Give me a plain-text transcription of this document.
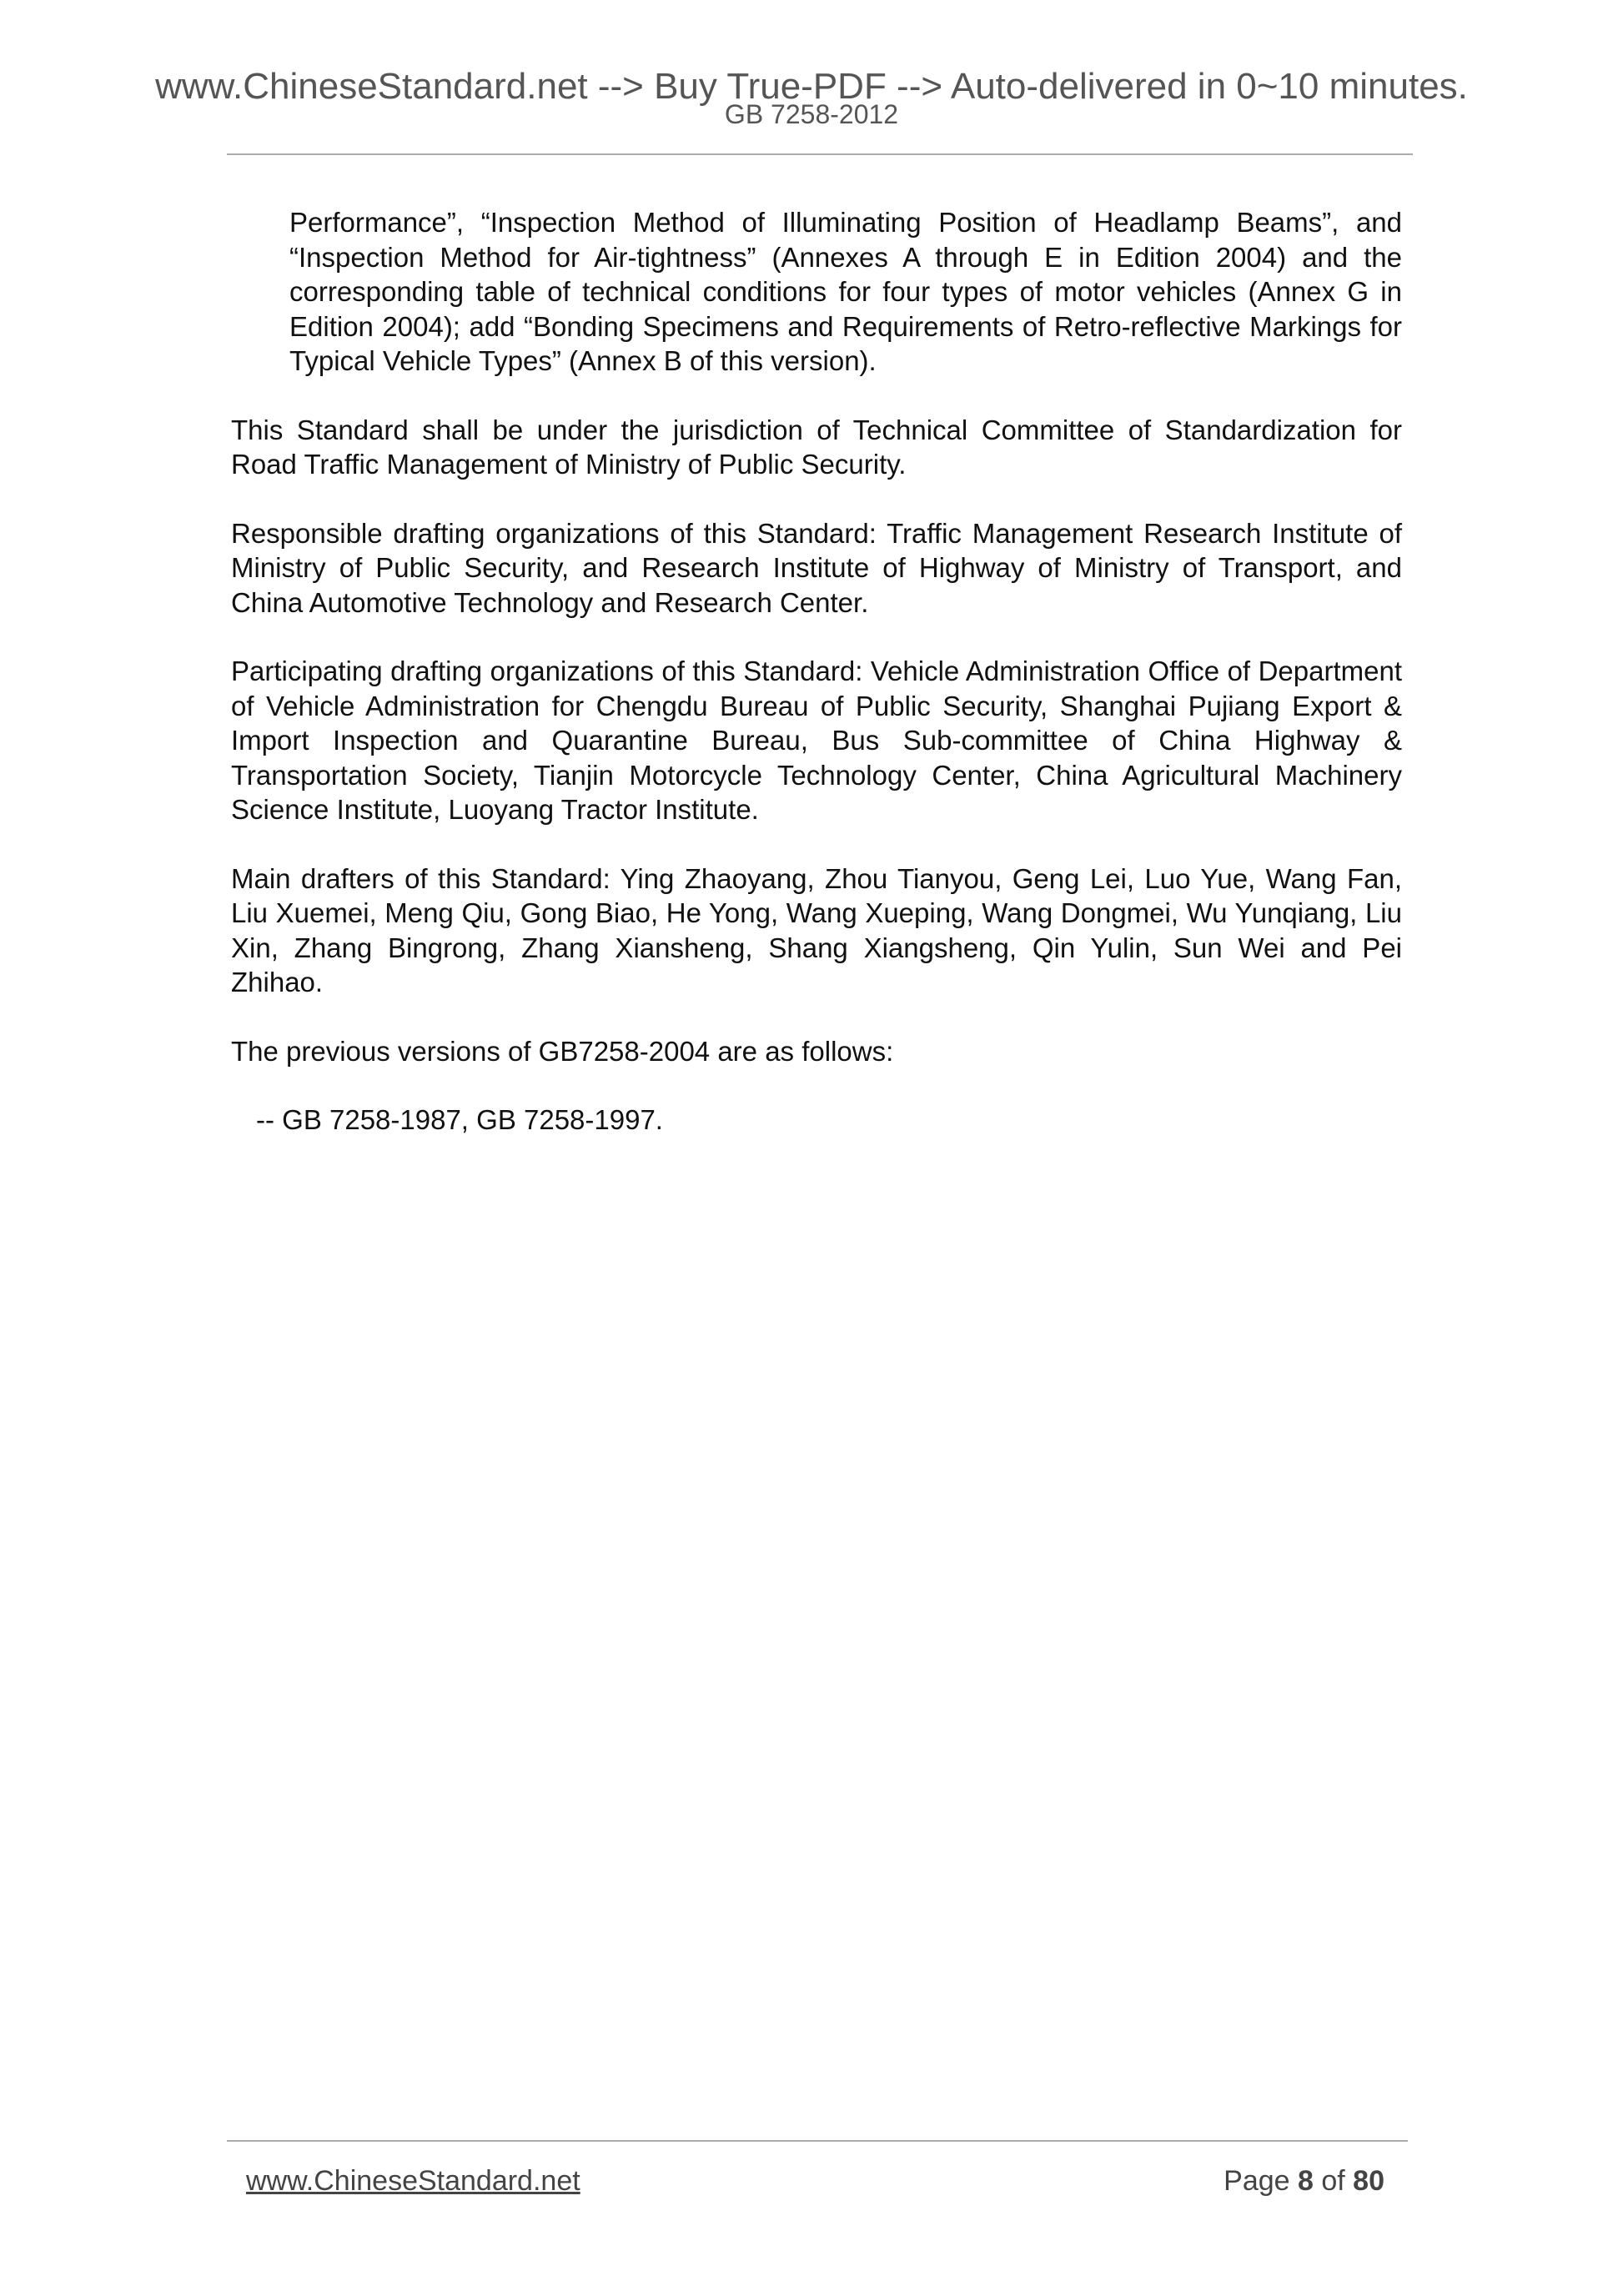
www.ChineseStandard.net --> Buy True-PDF --> Auto-delivered in 0~10 minutes.
GB 7258-2012

Performance”, “Inspection Method of Illuminating Position of Headlamp Beams”, and “Inspection Method for Air-tightness” (Annexes A through E in Edition 2004) and the corresponding table of technical conditions for four types of motor vehicles (Annex G in Edition 2004); add “Bonding Specimens and Requirements of Retro-reflective Markings for Typical Vehicle Types” (Annex B of this version).

This Standard shall be under the jurisdiction of Technical Committee of Standardization for Road Traffic Management of Ministry of Public Security.

Responsible drafting organizations of this Standard: Traffic Management Research Institute of Ministry of Public Security, and Research Institute of Highway of Ministry of Transport, and China Automotive Technology and Research Center.

Participating drafting organizations of this Standard: Vehicle Administration Office of Department of Vehicle Administration for Chengdu Bureau of Public Security, Shanghai Pujiang Export & Import Inspection and Quarantine Bureau, Bus Sub-committee of China Highway & Transportation Society, Tianjin Motorcycle Technology Center, China Agricultural Machinery Science Institute, Luoyang Tractor Institute.

Main drafters of this Standard: Ying Zhaoyang, Zhou Tianyou, Geng Lei, Luo Yue, Wang Fan, Liu Xuemei, Meng Qiu, Gong Biao, He Yong, Wang Xueping, Wang Dongmei, Wu Yunqiang, Liu Xin, Zhang Bingrong, Zhang Xiansheng, Shang Xiangsheng, Qin Yulin, Sun Wei and Pei Zhihao.

The previous versions of GB7258-2004 are as follows:

-- GB 7258-1987, GB 7258-1997.

www.ChineseStandard.net	Page 8 of 80
